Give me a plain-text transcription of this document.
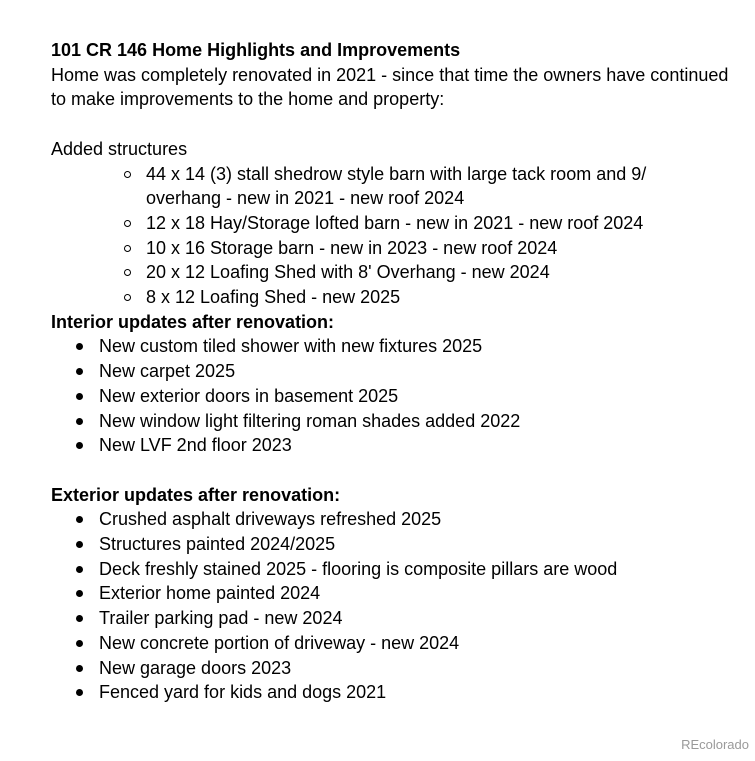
101 CR 146 Home Highlights and Improvements

Home was completely renovated in 2021 - since that time the owners have continued to make improvements to the home and property:

Added structures

44 x 14 (3) stall shedrow style barn with large tack room and 9/ overhang - new in 2021 - new roof 2024
12 x 18 Hay/Storage lofted barn - new in 2021 - new roof 2024
10 x 16 Storage barn - new in 2023 - new roof 2024
20 x 12 Loafing Shed with 8' Overhang - new 2024
8 x 12 Loafing Shed - new 2025

Interior updates after renovation:

New custom tiled shower with new fixtures 2025
New carpet 2025
New exterior doors in basement 2025
New window light filtering roman shades added 2022
New LVF 2nd floor 2023

Exterior updates after renovation:

Crushed asphalt driveways refreshed 2025
Structures painted 2024/2025
Deck freshly stained 2025 - flooring is composite pillars are wood
Exterior home painted 2024
Trailer parking pad - new 2024
New concrete portion of driveway - new 2024
New garage doors 2023
Fenced yard for kids and dogs 2021
REcolorado
